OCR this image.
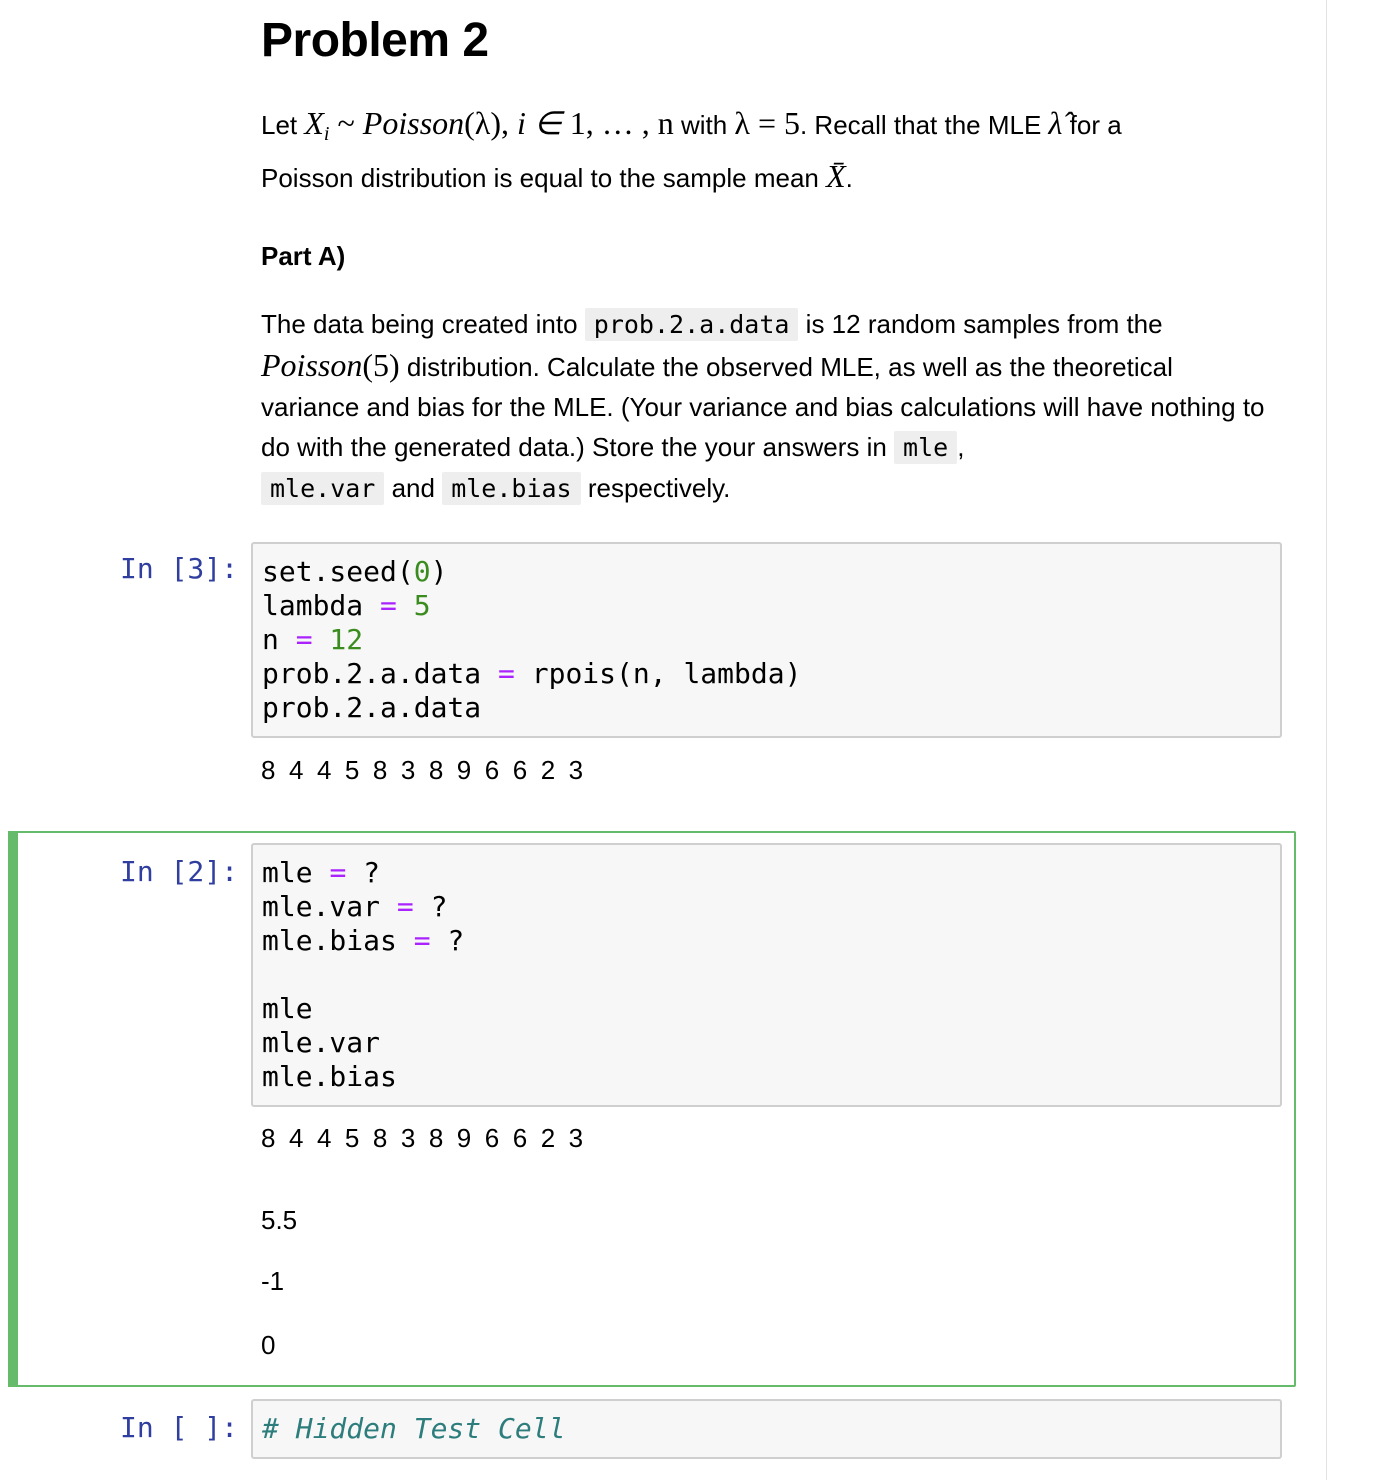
Problem 2
Let $X_i$ ~ Poisson(λ), i ∈ 1, … , n with λ = 5. Recall that the MLE λ̂ for a
Poisson distribution is equal to the sample mean X̄.
Part A)
The data being created into prob.2.a.data is 12 random samples from the
Poisson(5) distribution. Calculate the observed MLE, as well as the theoretical variance and bias for the MLE. (Your variance and bias calculations will have nothing to do with the generated data.) Store the your answers in mle ,
mle.var and mle.bias respectively.
In [3]: set.seed(0)
lambda = 5
n = 12
prob.2.a.data = rpois(n, lambda)
prob.2.a.data
8 4 4 5 8 3 8 9 6 6 2 3
In [2]: mle = ?
mle.var = ?
mle.bias = ?

mle
mle.var
mle.bias
8 4 4 5 8 3 8 9 6 6 2 3
5.5
-1
0
In [ ]: # Hidden Test Cell
